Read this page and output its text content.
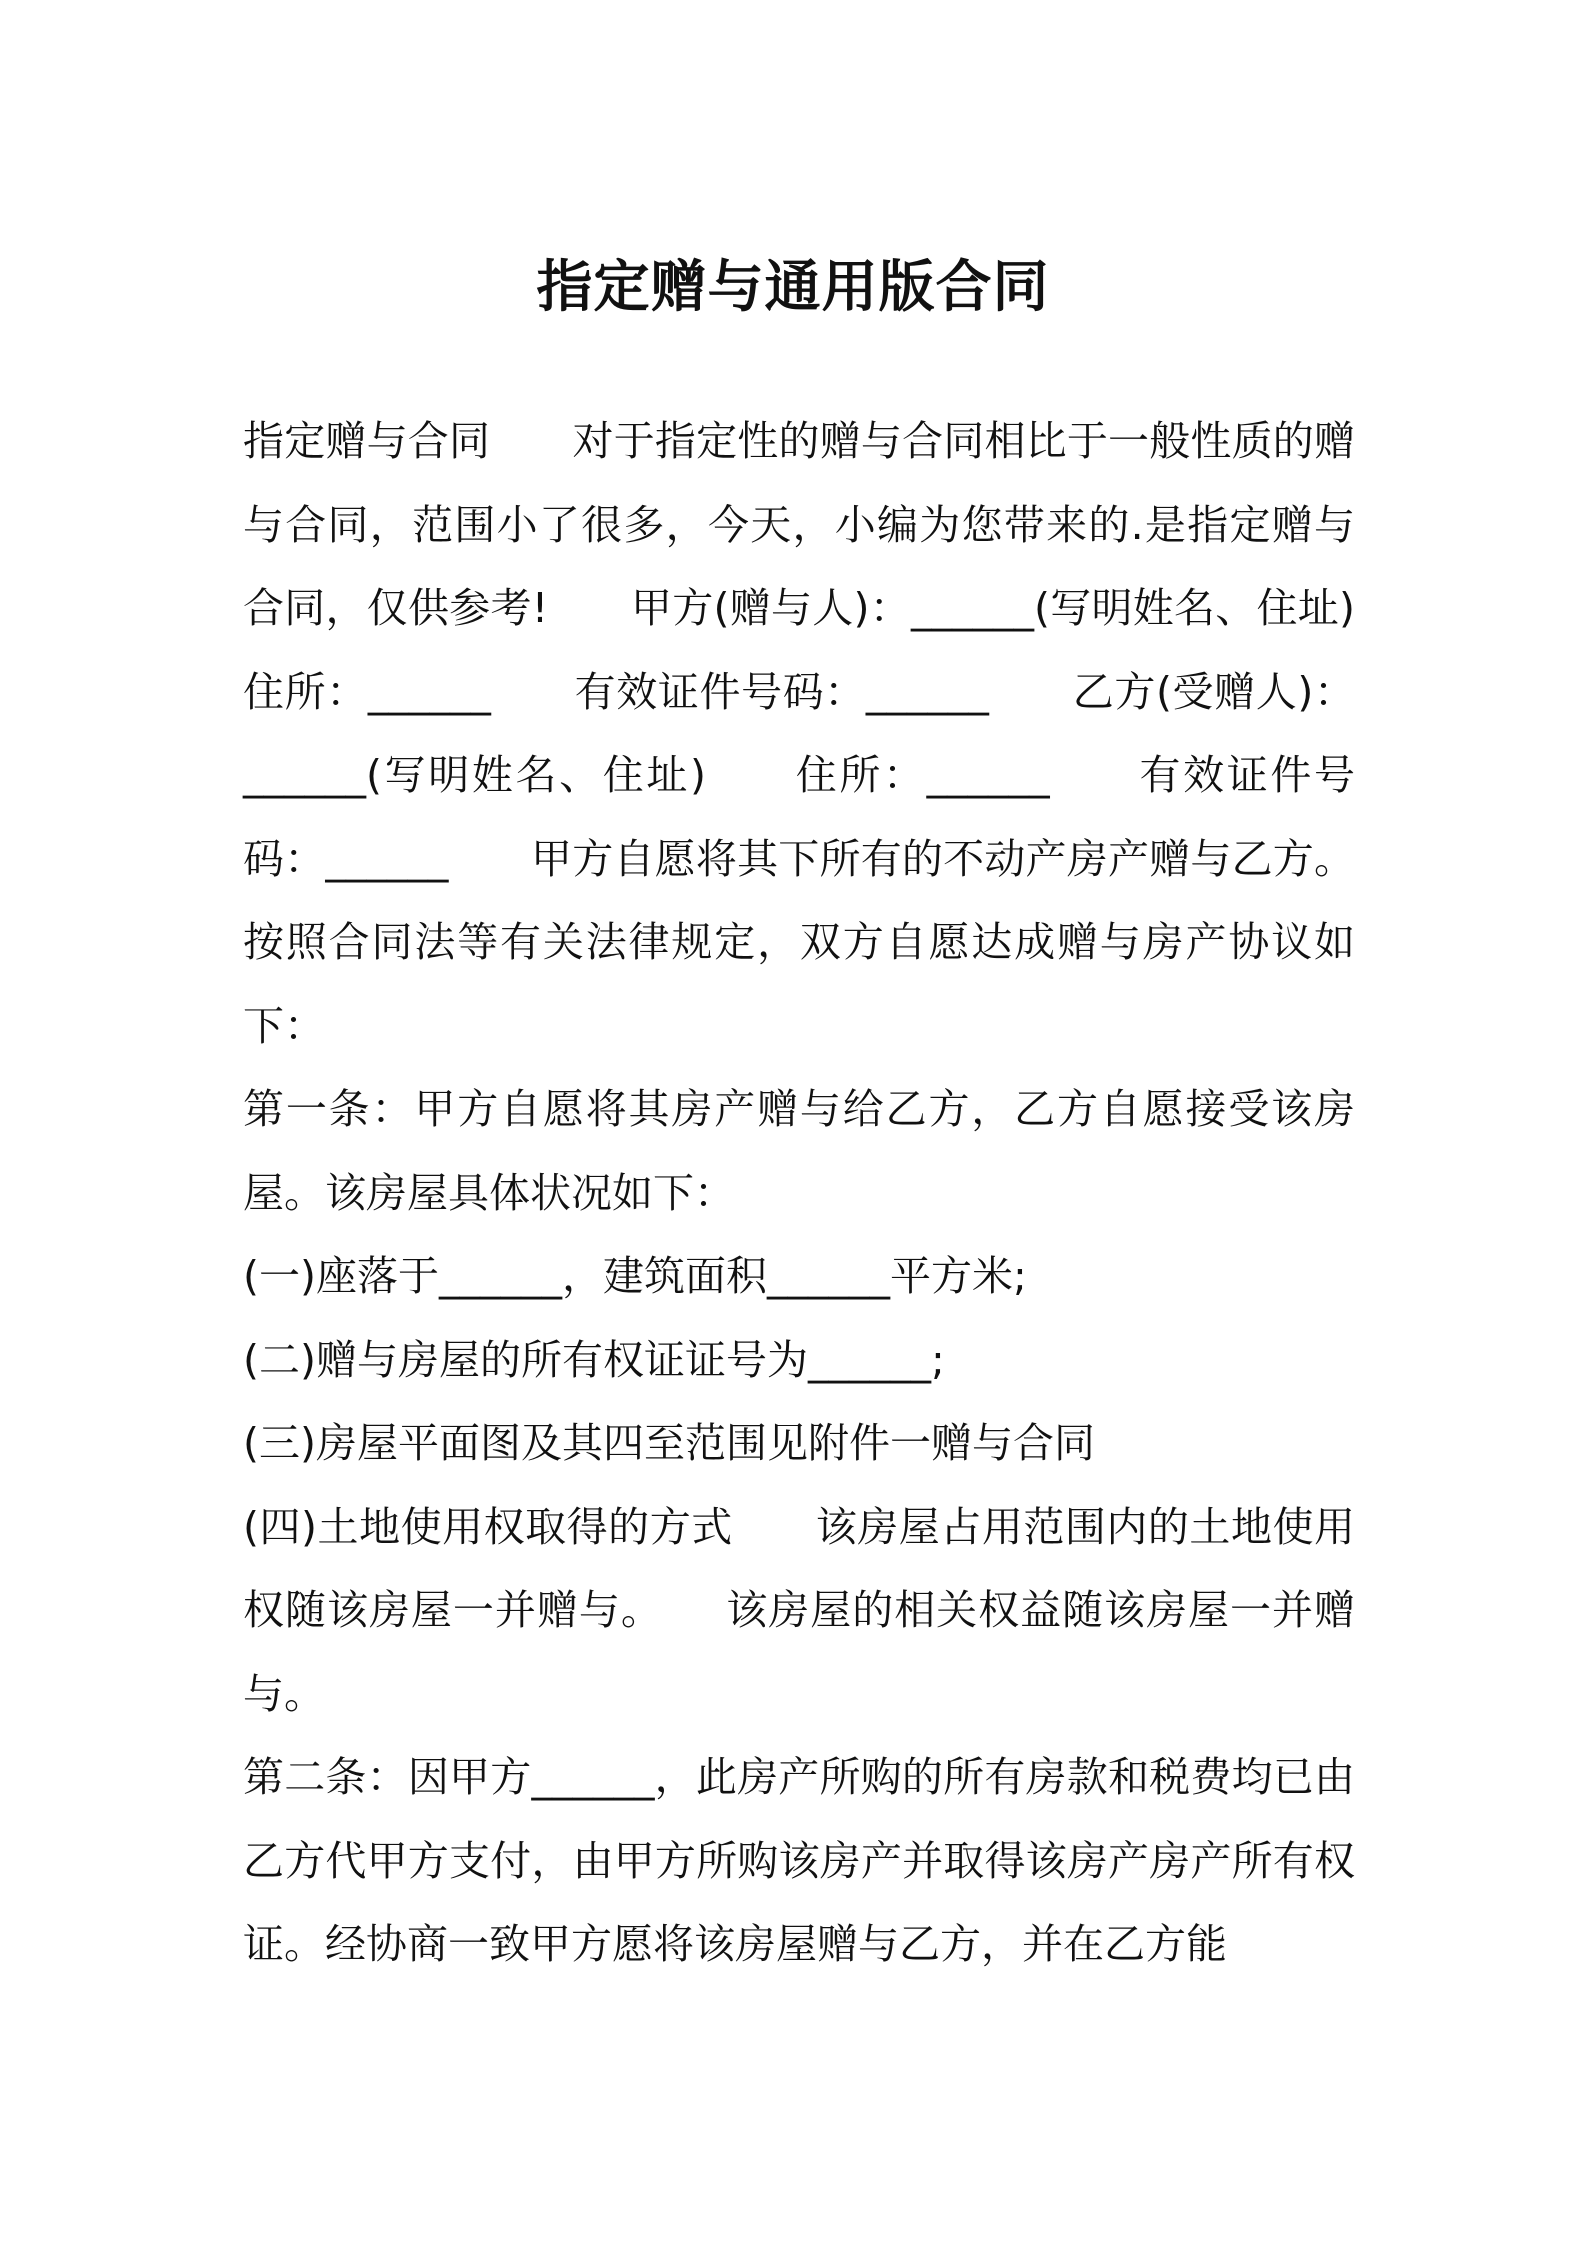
指定赠与通用版合同

指定赠与合同　　对于指定性的赠与合同相比于一般性质的赠与合同，范围小了很多，今天，小编为您带来的.是指定赠与合同，仅供参考!　　甲方(赠与人)：______(写明姓名、住址)住所：______　　有效证件号码：______　　乙方(受赠人)：______(写明姓名、住址)　　住所：______　　有效证件号码：______　　甲方自愿将其下所有的不动产房产赠与乙方。按照合同法等有关法律规定，双方自愿达成赠与房产协议如下：

第一条：甲方自愿将其房产赠与给乙方，乙方自愿接受该房屋。该房屋具体状况如下：

(一)座落于______，建筑面积______平方米;

(二)赠与房屋的所有权证证号为______;

(三)房屋平面图及其四至范围见附件一赠与合同

(四)土地使用权取得的方式　　该房屋占用范围内的土地使用权随该房屋一并赠与。　　该房屋的相关权益随该房屋一并赠与。

第二条：因甲方______，此房产所购的所有房款和税费均已由乙方代甲方支付，由甲方所购该房产并取得该房产房产所有权证。经协商一致甲方愿将该房屋赠与乙方，并在乙方能
